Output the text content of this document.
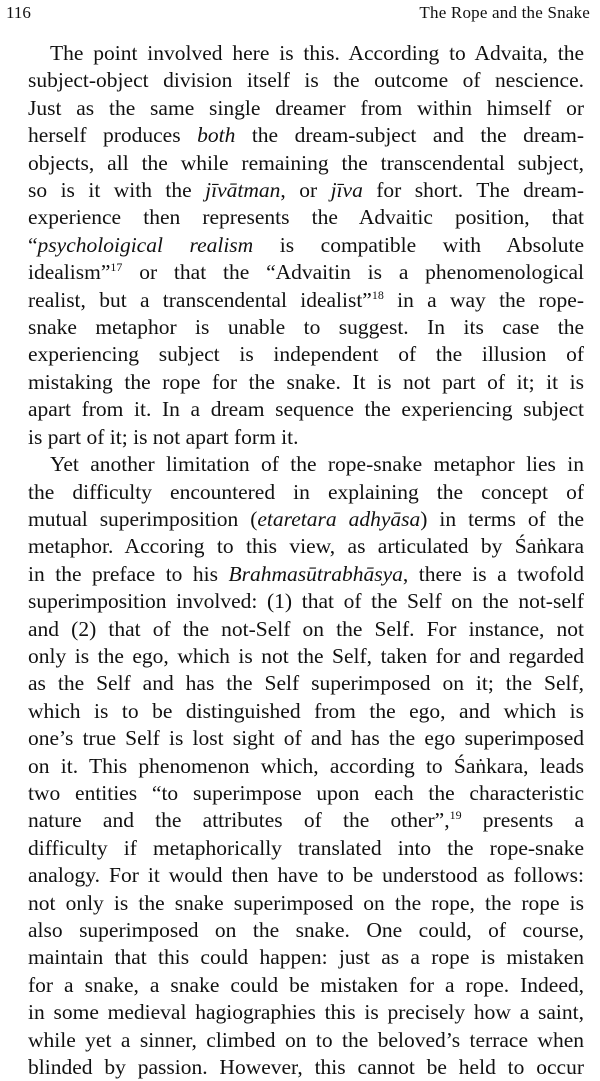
116	The Rope and the Snake

The point involved here is this. According to Advaita, the
subject-object division itself is the outcome of nescience.
Just as the same single dreamer from within himself or
herself produces both the dream-subject and the dream-
objects, all the while remaining the transcendental subject,
so is it with the jīvātman, or jīva for short. The dream-
experience then represents the Advaitic position, that
“psycholoigical realism is compatible with Absolute
idealism”$^{17}$ or that the “Advaitin is a phenomenological
realist, but a transcendental idealist”$^{18}$ in a way the rope-
snake metaphor is unable to suggest. In its case the
experiencing subject is independent of the illusion of
mistaking the rope for the snake. It is not part of it; it is
apart from it. In a dream sequence the experiencing subject
is part of it; is not apart form it.

Yet another limitation of the rope-snake metaphor lies in
the difficulty encountered in explaining the concept of
mutual superimposition (etaretara adhyāsa) in terms of the
metaphor. Accoring to this view, as articulated by Śaṅkara
in the preface to his Brahmasūtrabhāsya, there is a twofold
superimposition involved: (1) that of the Self on the not-self
and (2) that of the not-Self on the Self. For instance, not
only is the ego, which is not the Self, taken for and regarded
as the Self and has the Self superimposed on it; the Self,
which is to be distinguished from the ego, and which is
one’s true Self is lost sight of and has the ego superimposed
on it. This phenomenon which, according to Śaṅkara, leads
two entities “to superimpose upon each the characteristic
nature and the attributes of the other”,$^{19}$ presents a
difficulty if metaphorically translated into the rope-snake
analogy. For it would then have to be understood as follows:
not only is the snake superimposed on the rope, the rope is
also superimposed on the snake. One could, of course,
maintain that this could happen: just as a rope is mistaken
for a snake, a snake could be mistaken for a rope. Indeed,
in some medieval hagiographies this is precisely how a saint,
while yet a sinner, climbed on to the beloved’s terrace when
blinded by passion. However, this cannot be held to occur
